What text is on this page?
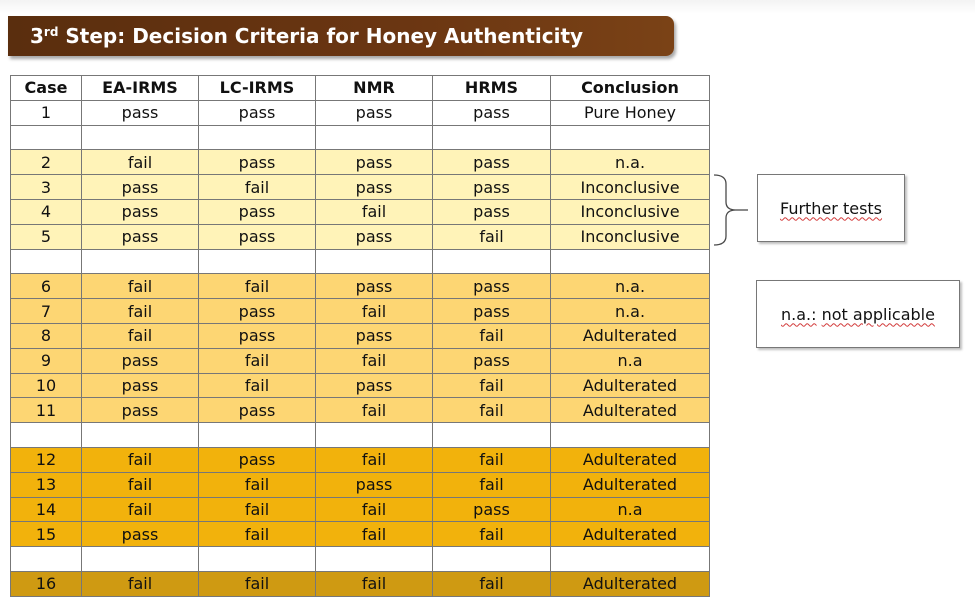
3rd Step: Decision Criteria for Honey Authenticity
Case	EA-IRMS	LC-IRMS	NMR	HRMS	Conclusion
1	pass	pass	pass	pass	Pure Honey

2	fail	pass	pass	pass	n.a.
3	pass	fail	pass	pass	Inconclusive
4	pass	pass	fail	pass	Inconclusive
5	pass	pass	pass	fail	Inconclusive

6	fail	fail	pass	pass	n.a.
7	fail	pass	fail	pass	n.a.
8	fail	pass	pass	fail	Adulterated
9	pass	fail	fail	pass	n.a
10	pass	fail	pass	fail	Adulterated
11	pass	pass	fail	fail	Adulterated

12	fail	pass	fail	fail	Adulterated
13	fail	fail	pass	fail	Adulterated
14	fail	fail	fail	pass	n.a
15	pass	fail	fail	fail	Adulterated

16	fail	fail	fail	fail	Adulterated
Further tests
n.a.:
not applicable
